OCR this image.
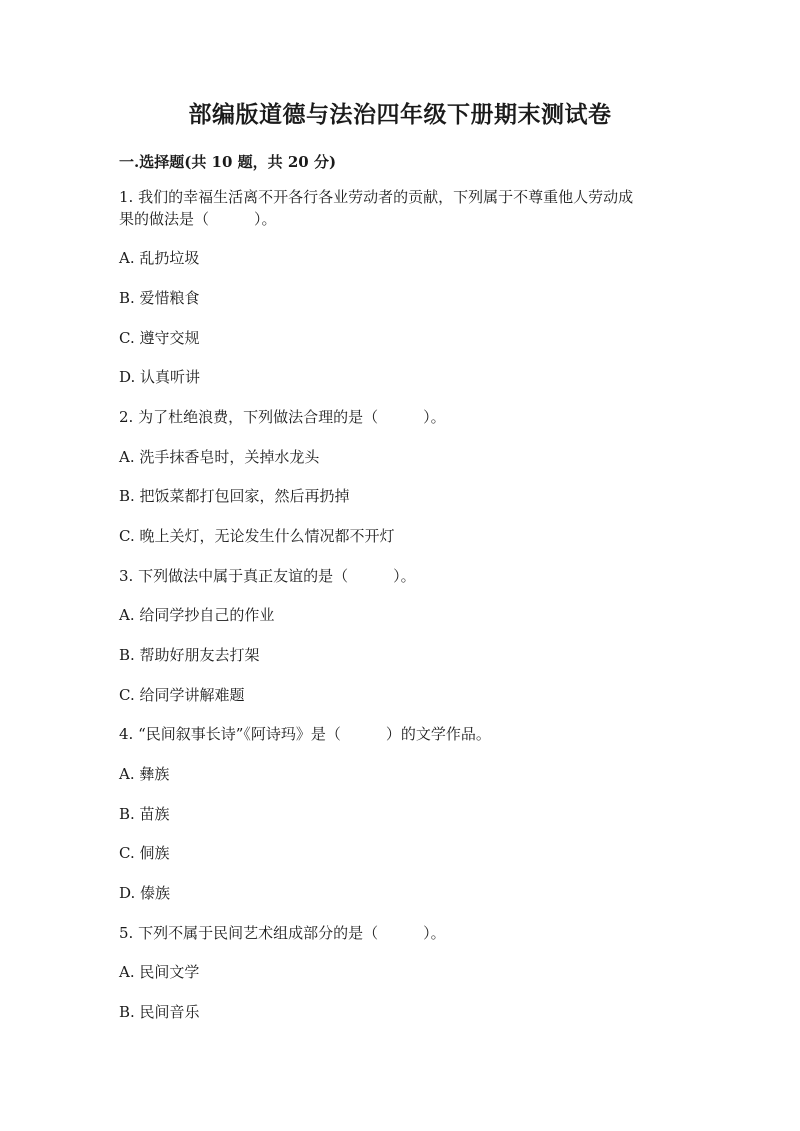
部编版道德与法治四年级下册期末测试卷
一.选择题(共 10 题，共 20 分)
1. 我们的幸福生活离不开各行各业劳动者的贡献，下列属于不尊重他人劳动成
果的做法是（　　　）。
A. 乱扔垃圾
B. 爱惜粮食
C. 遵守交规
D. 认真听讲
2. 为了杜绝浪费，下列做法合理的是（　　　）。
A. 洗手抹香皂时，关掉水龙头
B. 把饭菜都打包回家，然后再扔掉
C. 晚上关灯，无论发生什么情况都不开灯
3. 下列做法中属于真正友谊的是（　　　）。
A. 给同学抄自己的作业
B. 帮助好朋友去打架
C. 给同学讲解难题
4. “民间叙事长诗”《阿诗玛》是（　　　）的文学作品。
A. 彝族
B. 苗族
C. 侗族
D. 傣族
5. 下列不属于民间艺术组成部分的是（　　　）。
A. 民间文学
B. 民间音乐
